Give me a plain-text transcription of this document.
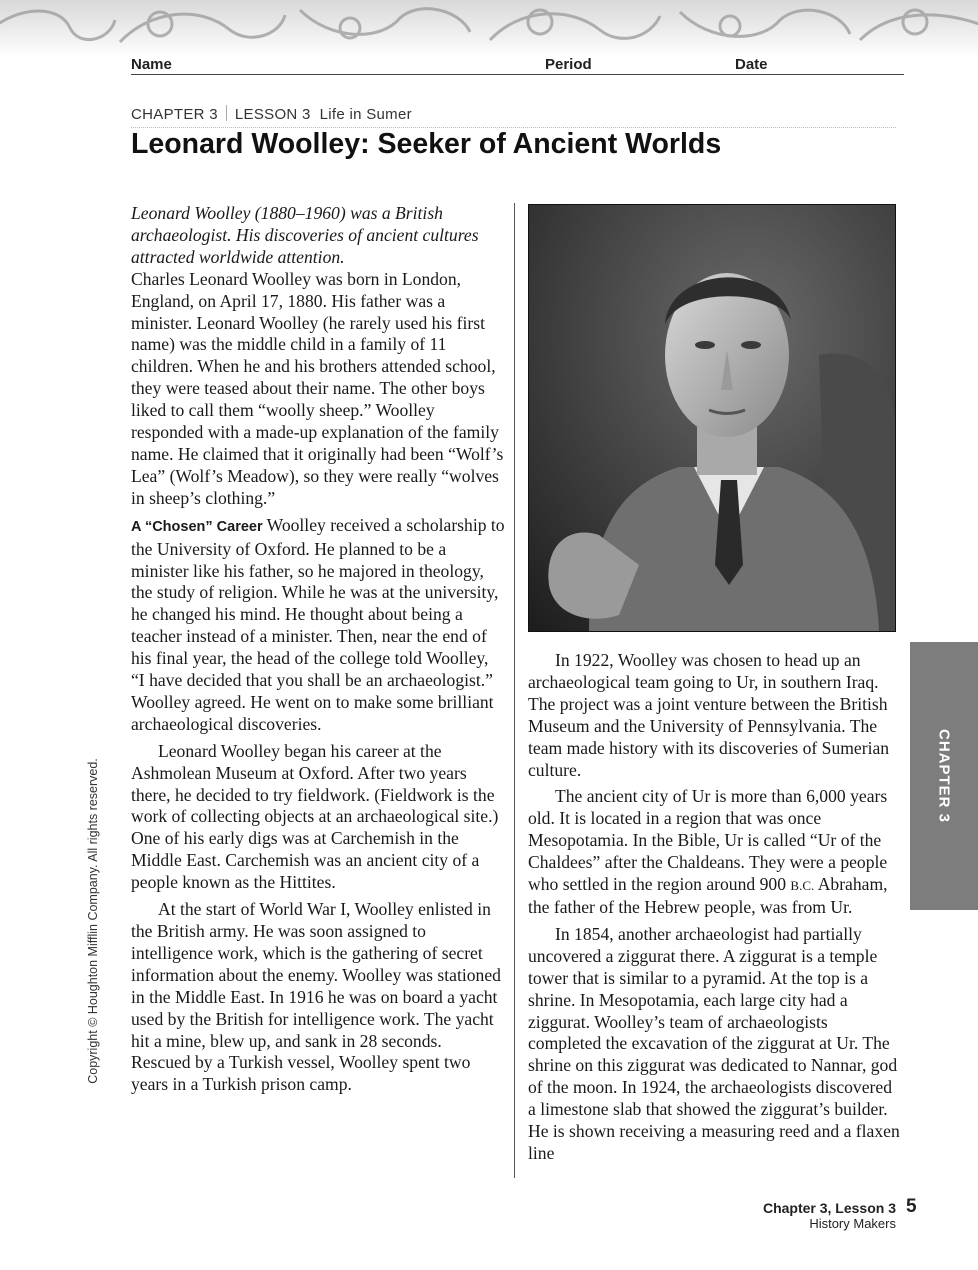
Name	Period	Date
CHAPTER 3 LESSON 3 Life in Sumer
Leonard Woolley: Seeker of Ancient Worlds

Leonard Woolley (1880–1960) was a British archaeologist. His discoveries of ancient cultures attracted worldwide attention.

Charles Leonard Woolley was born in London, England, on April 17, 1880. His father was a minister. Leonard Woolley (he rarely used his first name) was the middle child in a family of 11 children. When he and his brothers attended school, they were teased about their name. The other boys liked to call them “woolly sheep.” Woolley responded with a made-up explanation of the family name. He claimed that it originally had been “Wolf’s Lea” (Wolf’s Meadow), so they were really “wolves in sheep’s clothing.”

A “Chosen” Career Woolley received a scholarship to the University of Oxford. He planned to be a minister like his father, so he majored in theology, the study of religion. While he was at the university, he changed his mind. He thought about being a teacher instead of a minister. Then, near the end of his final year, the head of the college told Woolley, “I have decided that you shall be an archaeologist.” Woolley agreed. He went on to make some brilliant archaeological discoveries.

Leonard Woolley began his career at the Ashmolean Museum at Oxford. After two years there, he decided to try fieldwork. (Fieldwork is the work of collecting objects at an archaeological site.) One of his early digs was at Carchemish in the Middle East. Carchemish was an ancient city of a people known as the Hittites.

At the start of World War I, Woolley enlisted in the British army. He was soon assigned to intelligence work, which is the gathering of secret information about the enemy. Woolley was stationed in the Middle East. In 1916 he was on board a yacht used by the British for intelligence work. The yacht hit a mine, blew up, and sank in 28 seconds. Rescued by a Turkish vessel, Woolley spent two years in a Turkish prison camp.

In 1922, Woolley was chosen to head up an archaeological team going to Ur, in southern Iraq. The project was a joint venture between the British Museum and the University of Pennsylvania. The team made history with its discoveries of Sumerian culture.

The ancient city of Ur is more than 6,000 years old. It is located in a region that was once Mesopotamia. In the Bible, Ur is called “Ur of the Chaldees” after the Chaldeans. They were a people who settled in the region around 900 B.C. Abraham, the father of the Hebrew people, was from Ur.

In 1854, another archaeologist had partially uncovered a ziggurat there. A ziggurat is a temple tower that is similar to a pyramid. At the top is a shrine. In Mesopotamia, each large city had a ziggurat. Woolley’s team of archaeologists completed the excavation of the ziggurat at Ur. The shrine on this ziggurat was dedicated to Nannar, god of the moon. In 1924, the archaeologists discovered a limestone slab that showed the ziggurat’s builder. He is shown receiving a measuring reed and a flaxen line

CHAPTER 3
Copyright © Houghton Mifflin Company. All rights reserved.
Chapter 3, Lesson 3
History Makers
5
